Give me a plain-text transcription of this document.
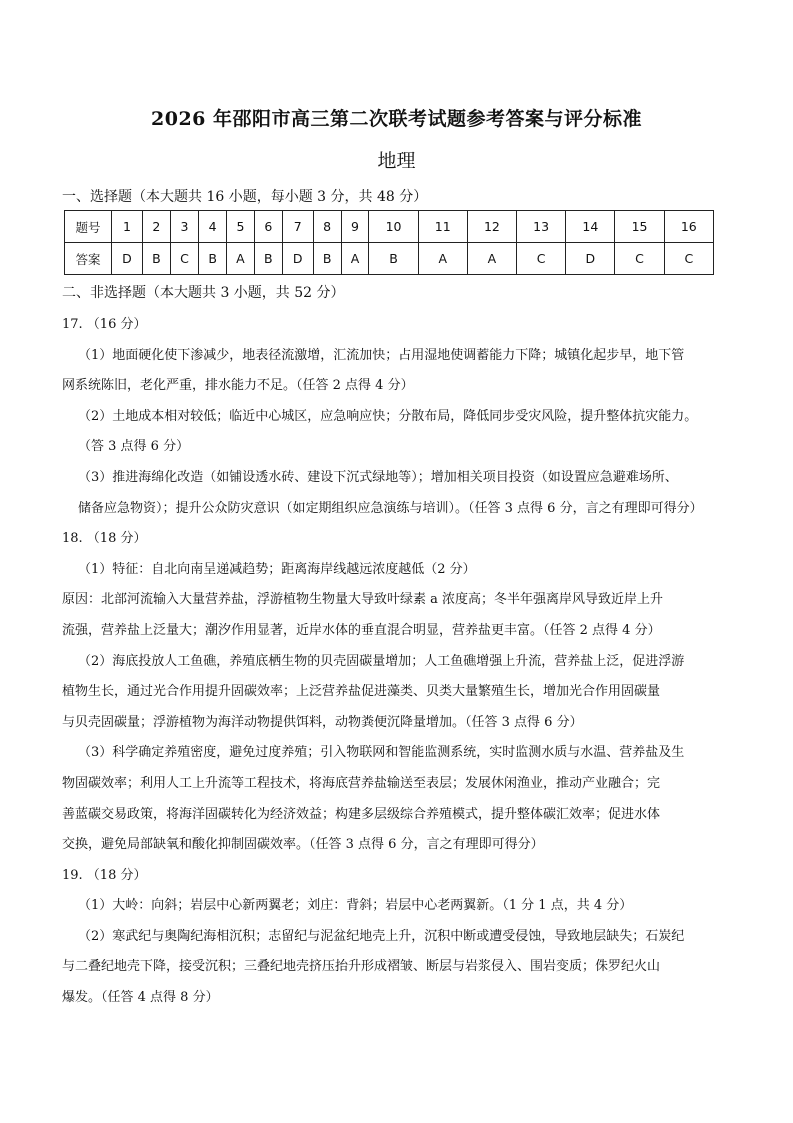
2026 年邵阳市高三第二次联考试题参考答案与评分标准
地理
一、选择题（本大题共 16 小题，每小题 3 分，共 48 分）
题号	1	2	3	4	5	6	7	8	9	10	11	12	13	14	15	16
答案	D	B	C	B	A	B	D	B	A	B	A	A	C	D	C	C
二、非选择题（本大题共 3 小题，共 52 分）

17. （16 分）

（1）地面硬化使下渗减少，地表径流激增，汇流加快；占用湿地使调蓄能力下降；城镇化起步早，地下管

网系统陈旧，老化严重，排水能力不足。（任答 2 点得 4 分）

（2）土地成本相对较低；临近中心城区，应急响应快；分散布局，降低同步受灾风险，提升整体抗灾能力。

（答 3 点得 6 分）

（3）推进海绵化改造（如铺设透水砖、建设下沉式绿地等）；增加相关项目投资（如设置应急避难场所、

储备应急物资）；提升公众防灾意识（如定期组织应急演练与培训）。（任答 3 点得 6 分，言之有理即可得分）

18. （18 分）

（1）特征：自北向南呈递减趋势；距离海岸线越远浓度越低（2 分）

原因：北部河流输入大量营养盐，浮游植物生物量大导致叶绿素 a 浓度高；冬半年强离岸风导致近岸上升

流强，营养盐上泛量大；潮汐作用显著，近岸水体的垂直混合明显，营养盐更丰富。（任答 2 点得 4 分）

（2）海底投放人工鱼礁，养殖底栖生物的贝壳固碳量增加；人工鱼礁增强上升流，营养盐上泛，促进浮游

植物生长，通过光合作用提升固碳效率；上泛营养盐促进藻类、贝类大量繁殖生长，增加光合作用固碳量

与贝壳固碳量；浮游植物为海洋动物提供饵料，动物粪便沉降量增加。（任答 3 点得 6 分）

（3）科学确定养殖密度，避免过度养殖；引入物联网和智能监测系统，实时监测水质与水温、营养盐及生

物固碳效率；利用人工上升流等工程技术，将海底营养盐输送至表层；发展休闲渔业，推动产业融合；完

善蓝碳交易政策，将海洋固碳转化为经济效益；构建多层级综合养殖模式，提升整体碳汇效率；促进水体

交换，避免局部缺氧和酸化抑制固碳效率。（任答 3 点得 6 分，言之有理即可得分）

19. （18 分）

（1）大岭：向斜；岩层中心新两翼老；刘庄：背斜；岩层中心老两翼新。（1 分 1 点，共 4 分）

（2）寒武纪与奥陶纪海相沉积；志留纪与泥盆纪地壳上升，沉积中断或遭受侵蚀，导致地层缺失；石炭纪

与二叠纪地壳下降，接受沉积；三叠纪地壳挤压抬升形成褶皱、断层与岩浆侵入、围岩变质；侏罗纪火山

爆发。（任答 4 点得 8 分）
